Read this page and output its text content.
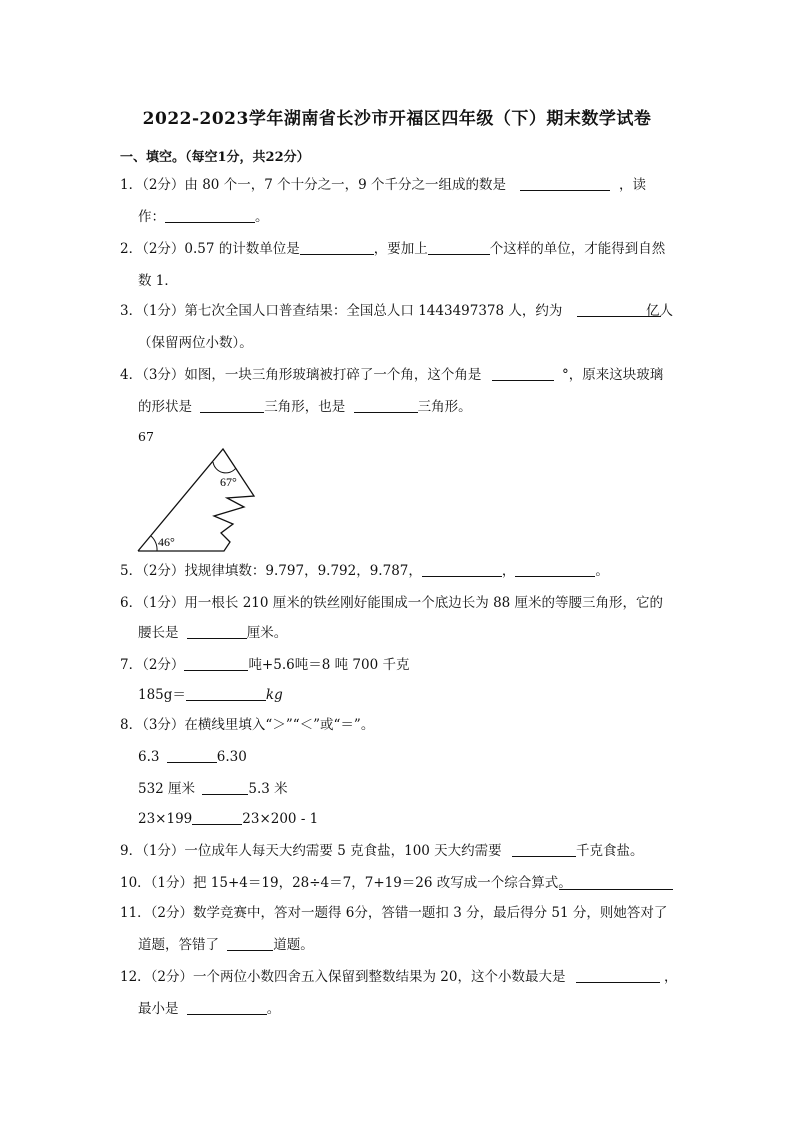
2022-2023学年湖南省长沙市开福区四年级（下）期末数学试卷
一、填空。（每空1分，共22分）
1．（2分）由 80 个一，7 个十分之一，9 个千分之一组成的数是	，读
作：	。
2．（2分）0.57 的计数单位是	，要加上	个这样的单位，才能得到自然
数 1．
3．（1分）第七次全国人口普查结果：全国总人口 1443497378 人，约为	亿人
（保留两位小数）。
4．（3分）如图，一块三角形玻璃被打碎了一个角，这个角是	°，原来这块玻璃
的形状是	三角形，也是	三角形。
67
67°
46°
5．（2分）找规律填数：9.797，9.792，9.787，	，	。
6．（1分）用一根长 210 厘米的铁丝刚好能围成一个底边长为 88 厘米的等腰三角形，它的
腰长是	厘米。
7．（2分）	吨+5.6吨＝8 吨 700 千克
185g＝	kg
8．（3分）在横线里填入“＞”“＜”或“＝”。
6.3	6.30
532 厘米	5.3 米
23×199	23×200 - 1
9．（1分）一位成年人每天大约需要 5 克食盐，100 天大约需要	千克食盐。
10．（1分）把 15+4＝19，28÷4＝7，7+19＝26 改写成一个综合算式。
11．（2分）数学竞赛中，答对一题得 6分，答错一题扣 3 分，最后得分 51 分，则她答对了
道题，答错了	道题。
12．（2分）一个两位小数四舍五入保留到整数结果为 20，这个小数最大是	，
最小是	。
